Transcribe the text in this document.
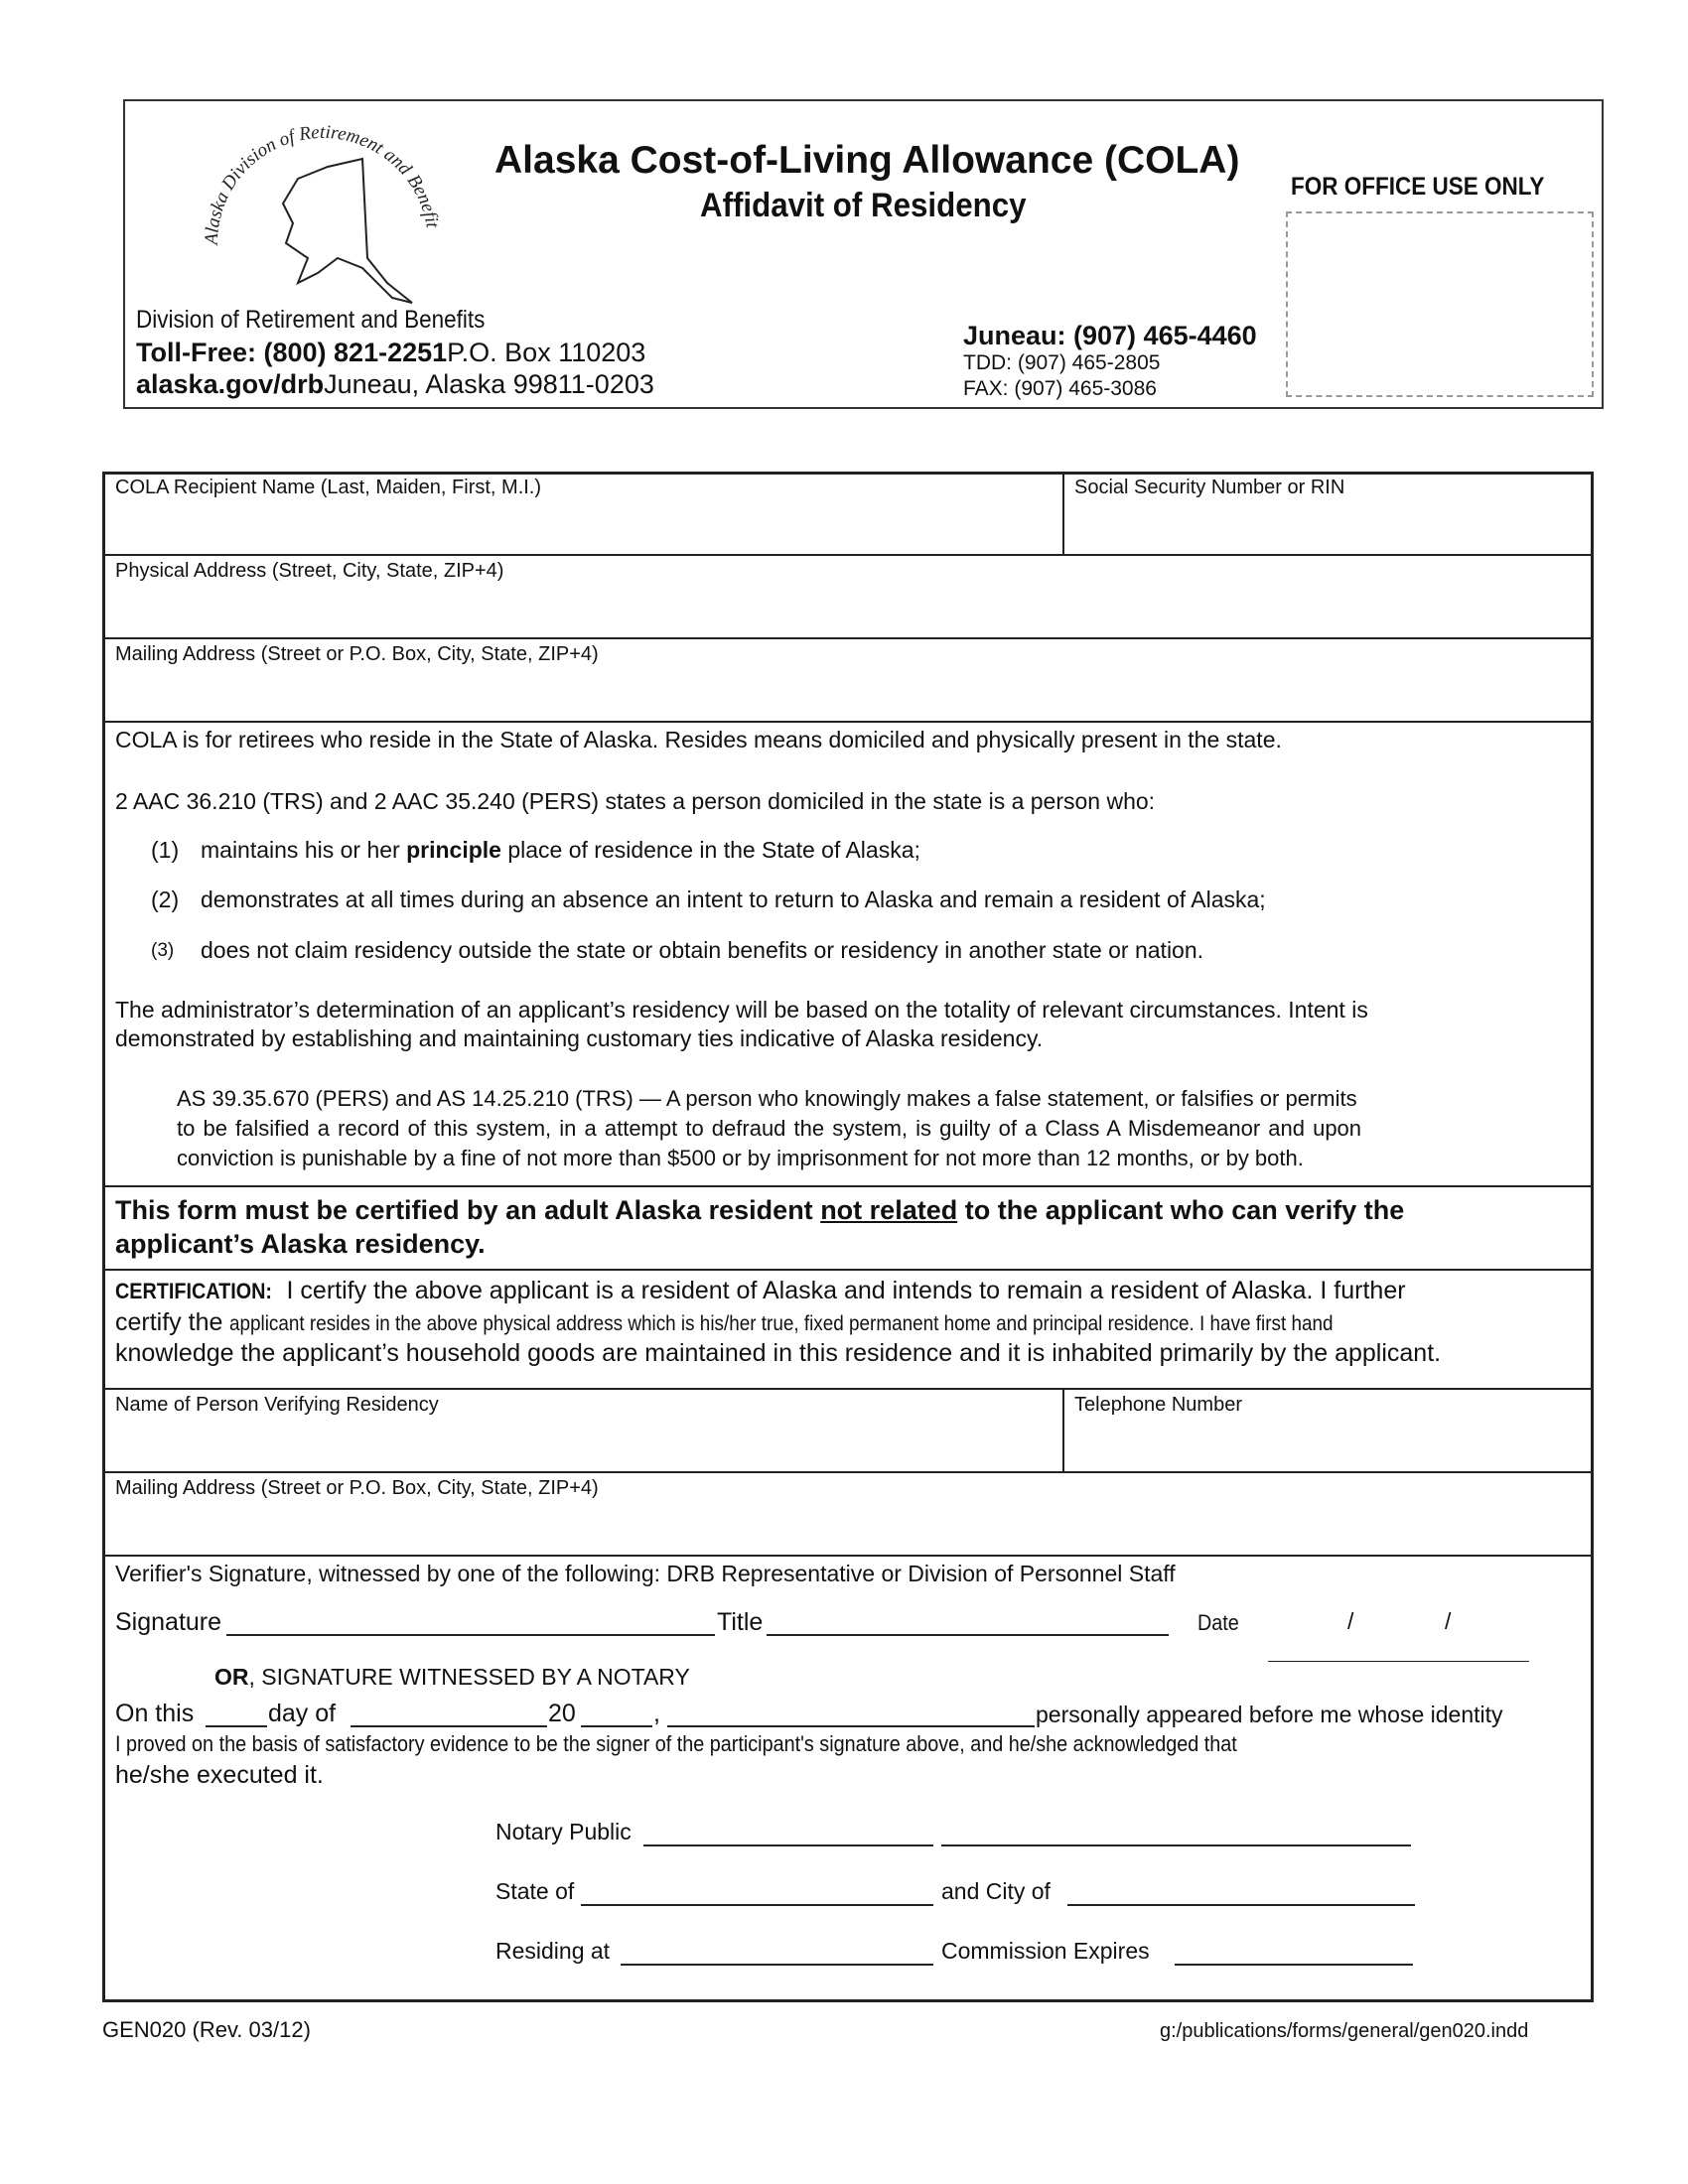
Alaska Division of Retirement and Benefit
Alaska Cost-of-Living Allowance (COLA)
Affidavit of Residency	FOR OFFICE USE ONLY
Division of Retirement and Benefits
Toll-Free: (800) 821-2251P.O. Box 110203
alaska.gov/drbJuneau, Alaska 99811-0203
Juneau: (907) 465-4460
TDD: (907) 465-2805
FAX: (907) 465-3086
COLA Recipient Name (Last, Maiden, First, M.I.)	Social Security Number or RIN
Physical Address (Street, City, State, ZIP+4)
Mailing Address (Street or P.O. Box, City, State, ZIP+4)
COLA is for retirees who reside in the State of Alaska. Resides means domiciled and physically present in the state.
2 AAC 36.210 (TRS) and 2 AAC 35.240 (PERS) states a person domiciled in the state is a person who:
(1) maintains his or her principle place of residence in the State of Alaska;
(2) demonstrates at all times during an absence an intent to return to Alaska and remain a resident of Alaska;
(3) does not claim residency outside the state or obtain benefits or residency in another state or nation.
The administrator’s determination of an applicant’s residency will be based on the totality of relevant circumstances. Intent is
demonstrated by establishing and maintaining customary ties indicative of Alaska residency.
AS 39.35.670 (PERS) and AS 14.25.210 (TRS) — A person who knowingly makes a false statement, or falsifies or permits
to be falsified a record of this system, in a attempt to defraud the system, is guilty of a Class A Misdemeanor and upon
conviction is punishable by a fine of not more than $500 or by imprisonment for not more than 12 months, or by both.
This form must be certified by an adult Alaska resident not related to the applicant who can verify the
applicant’s Alaska residency.
CERTIFICATION: I certify the above applicant is a resident of Alaska and intends to remain a resident of Alaska. I further
certify the applicant resides in the above physical address which is his/her true, fixed permanent home and principal residence. I have first hand
knowledge the applicant’s household goods are maintained in this residence and it is inhabited primarily by the applicant.
Name of Person Verifying Residency	Telephone Number
Mailing Address (Street or P.O. Box, City, State, ZIP+4)
Verifier's Signature, witnessed by one of the following: DRB Representative or Division of Personnel Staff
Signature	Title	Date	/	/
OR, SIGNATURE WITNESSED BY A NOTARY
On this	day of	20	,	personally appeared before me whose identity
I proved on the basis of satisfactory evidence to be the signer of the participant's signature above, and he/she acknowledged that
he/she executed it.
Notary Public
State of	and City of
Residing at	Commission Expires
GEN020 (Rev. 03/12)	g:/publications/forms/general/gen020.indd
